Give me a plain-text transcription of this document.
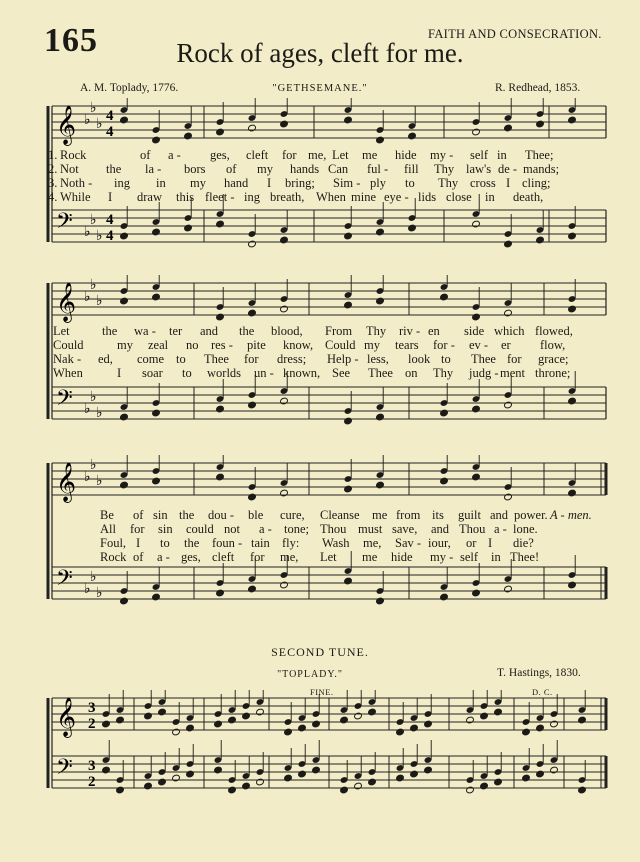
165	FAITH AND CONSECRATION.
Rock of ages, cleft for me.
A. M. Toplady, 1776.	"GETHSEMANE."	R. Redhead, 1853.
𝄞 ♭
♭
♭
4
4
𝄢 ♭
♭
♭
4
4
1. Rock	of a - ges, cleft for me, Let me hide my - self in Thee;
2. Not the la - bors of my hands Can ful - fill Thy law's de - mands;
3. Noth - ing in my hand I bring; Sim - ply to Thy cross I cling;
4. While I draw this fleet - ing breath, When mine eye - lids close in death,
𝄞 ♭
♭
♭
𝄢 ♭
♭
♭
Let	the wa - ter and the blood, From Thy riv - en side which flowed,
Could	my zeal no res - pite know, Could my tears for - ev - er flow,
Nak - ed, come to Thee for dress; Help - less, look to Thee for grace;
When	I soar to worlds un - known, See Thee on Thy judg - ment throne;
𝄞 ♭
♭
♭
𝄢 ♭
♭
♭
Be of sin the dou - ble cure, Cleanse me from its guilt and power. A - men.
All for sin could not a - tone; Thou must save, and Thou a - lone.
Foul, I to the foun - tain fly: Wash me, Sav - iour, or I die?
Rock of a - ges, cleft for me, Let me hide my - self in Thee!
SECOND TUNE.
"TOPLADY."	T. Hastings, 1830.
FINE.	D. C.
𝄞 3
2
𝄢 3
2
